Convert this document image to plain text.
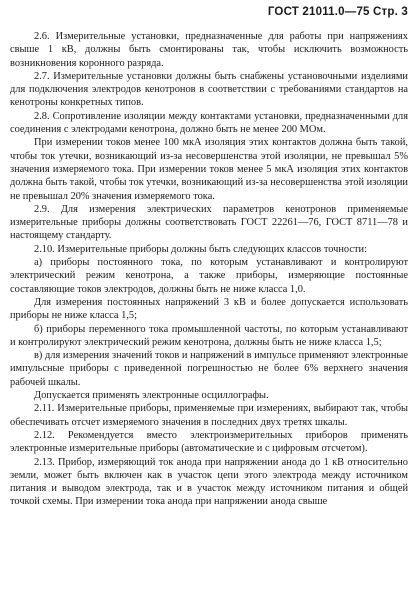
ГОСТ 21011.0—75 Стр. 3

2.6. Измерительные установки, предназначенные для работы при напряжениях свыше 1 кВ, должны быть смонтированы так, чтобы исключить возможность возникновения коронного разряда.

2.7. Измерительные установки должны быть снабжены установочными изделиями для подключения электродов кенотронов в соответствии с требованиями стандартов на кенотроны конкретных типов.

2.8. Сопротивление изоляции между контактами установки, предназначенными для соединения с электродами кенотрона, должно быть не менее 200 МОм.

При измерении токов менее 100 мкА изоляция этих контактов должна быть такой, чтобы ток утечки, возникающий из-за несовершенства этой изоляции, не превышал 5% значения измеряемого тока. При измерении токов менее 5 мкА изоляция этих контактов должна быть такой, чтобы ток утечки, возникающий из-за несовершенства этой изоляции не превышал 20% значения измеряемого тока.

2.9. Для измерения электрических параметров кенотронов применяемые измерительные приборы должны соответствовать ГОСТ 22261—76, ГОСТ 8711—78 и настоящему стандарту.

2.10. Измерительные приборы должны быть следующих классов точности:

а) приборы постоянного тока, по которым устанавливают и контролируют электрический режим кенотрона, а также приборы, измеряющие постоянные составляющие токов электродов, должны быть не ниже класса 1,0.

Для измерения постоянных напряжений 3 кВ и более допускается использовать приборы не ниже класса 1,5;

б) приборы переменного тока промышленной частоты, по которым устанавливают и контролируют электрический режим кенотрона, должны быть не ниже класса 1,5;

в) для измерения значений токов и напряжений в импульсе применяют электронные импульсные приборы с приведенной погрешностью не более 6% верхнего значения рабочей шкалы.

Допускается применять электронные осциллографы.

2.11. Измерительные приборы, применяемые при измерениях, выбирают так, чтобы обеспечивать отсчет измеряемого значения в последних двух третях шкалы.

2.12. Рекомендуется вместо электроизмерительных приборов применять электронные измерительные приборы (автоматические и с цифровым отсчетом).

2.13. Прибор, измеряющий ток анода при напряжении анода до 1 кВ относительно земли, может быть включен как в участок цепи этого электрода между источником питания и выводом электрода, так и в участок между источником питания и общей точкой схемы. При измерении тока анода при напряжении анода свыше
